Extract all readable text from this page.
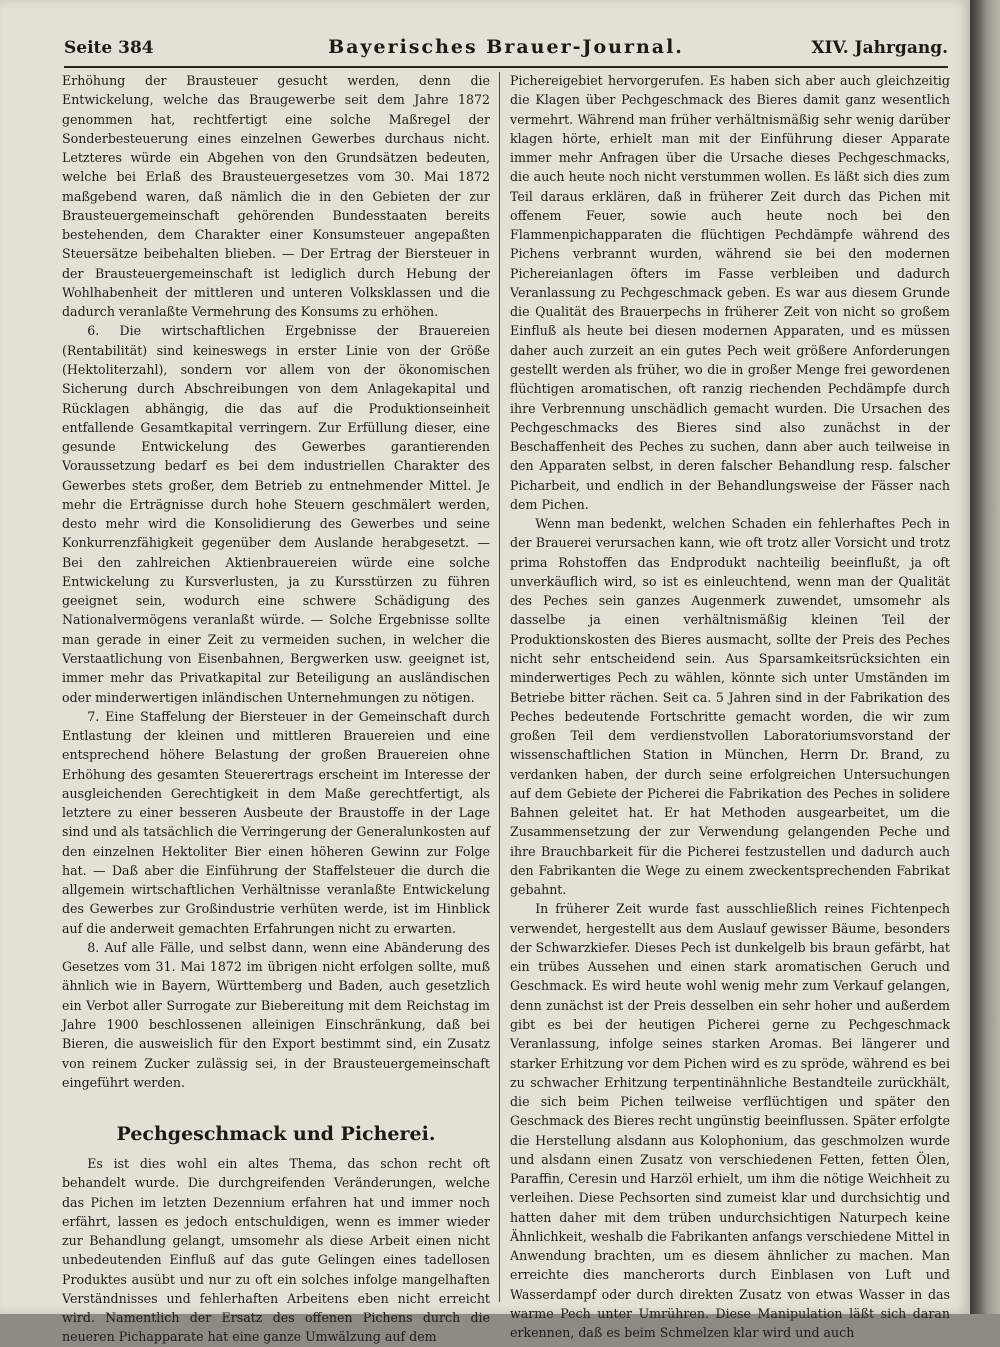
Seite 384	Bayerisches Brauer-Journal.	XIV. Jahrgang.

Erhöhung der Brausteuer gesucht werden, denn die Entwickelung, welche das Braugewerbe seit dem Jahre 1872 genommen hat, rechtfertigt eine solche Maßregel der Sonderbesteuerung eines einzelnen Gewerbes durchaus nicht. Letzteres würde ein Abgehen von den Grundsätzen bedeuten, welche bei Erlaß des Brausteuergesetzes vom 30. Mai 1872 maßgebend waren, daß nämlich die in den Gebieten der zur Brausteuergemeinschaft gehörenden Bundesstaaten bereits bestehenden, dem Charakter einer Konsumsteuer angepaßten Steuersätze beibehalten blieben. — Der Ertrag der Biersteuer in der Brausteuergemeinschaft ist lediglich durch Hebung der Wohlhabenheit der mittleren und unteren Volksklassen und die dadurch veranlaßte Vermehrung des Konsums zu erhöhen.

6. Die wirtschaftlichen Ergebnisse der Brauereien (Rentabilität) sind keineswegs in erster Linie von der Größe (Hektoliterzahl), sondern vor allem von der ökonomischen Sicherung durch Abschreibungen von dem Anlagekapital und Rücklagen abhängig, die das auf die Produktionseinheit entfallende Gesamtkapital verringern. Zur Erfüllung dieser, eine gesunde Entwickelung des Gewerbes garantierenden Voraussetzung bedarf es bei dem industriellen Charakter des Gewerbes stets großer, dem Betrieb zu entnehmender Mittel. Je mehr die Erträgnisse durch hohe Steuern geschmälert werden, desto mehr wird die Konsolidierung des Gewerbes und seine Konkurrenzfähigkeit gegenüber dem Auslande herabgesetzt. — Bei den zahlreichen Aktienbrauereien würde eine solche Entwickelung zu Kursverlusten, ja zu Kursstürzen zu führen geeignet sein, wodurch eine schwere Schädigung des Nationalvermögens veranlaßt würde. — Solche Ergebnisse sollte man gerade in einer Zeit zu vermeiden suchen, in welcher die Verstaatlichung von Eisenbahnen, Bergwerken usw. geeignet ist, immer mehr das Privatkapital zur Beteiligung an ausländischen oder minderwertigen inländischen Unternehmungen zu nötigen.

7. Eine Staffelung der Biersteuer in der Gemeinschaft durch Entlastung der kleinen und mittleren Brauereien und eine entsprechend höhere Belastung der großen Brauereien ohne Erhöhung des gesamten Steuerertrags erscheint im Interesse der ausgleichenden Gerechtigkeit in dem Maße gerechtfertigt, als letztere zu einer besseren Ausbeute der Braustoffe in der Lage sind und als tatsächlich die Verringerung der Generalunkosten auf den einzelnen Hektoliter Bier einen höheren Gewinn zur Folge hat. — Daß aber die Einführung der Staffelsteuer die durch die allgemein wirtschaftlichen Verhältnisse veranlaßte Entwickelung des Gewerbes zur Großindustrie verhüten werde, ist im Hinblick auf die anderweit gemachten Erfahrungen nicht zu erwarten.

8. Auf alle Fälle, und selbst dann, wenn eine Abänderung des Gesetzes vom 31. Mai 1872 im übrigen nicht erfolgen sollte, muß ähnlich wie in Bayern, Württemberg und Baden, auch gesetzlich ein Verbot aller Surrogate zur Biebereitung mit dem Reichstag im Jahre 1900 beschlossenen alleinigen Einschränkung, daß bei Bieren, die ausweislich für den Export bestimmt sind, ein Zusatz von reinem Zucker zulässig sei, in der Brausteuergemeinschaft eingeführt werden.

Pechgeschmack und Picherei.

Es ist dies wohl ein altes Thema, das schon recht oft behandelt wurde. Die durchgreifenden Veränderungen, welche das Pichen im letzten Dezennium erfahren hat und immer noch erfährt, lassen es jedoch entschuldigen, wenn es immer wieder zur Behandlung gelangt, umsomehr als diese Arbeit einen nicht unbedeutenden Einfluß auf das gute Gelingen eines tadellosen Produktes ausübt und nur zu oft ein solches infolge mangelhaften Verständnisses und fehlerhaften Arbeitens eben nicht erreicht wird. Namentlich der Ersatz des offenen Pichens durch die neueren Pichapparate hat eine ganze Umwälzung auf dem

Pichereigebiet hervorgerufen. Es haben sich aber auch gleichzeitig die Klagen über Pechgeschmack des Bieres damit ganz wesentlich vermehrt. Während man früher verhältnismäßig sehr wenig darüber klagen hörte, erhielt man mit der Einführung dieser Apparate immer mehr Anfragen über die Ursache dieses Pechgeschmacks, die auch heute noch nicht verstummen wollen. Es läßt sich dies zum Teil daraus erklären, daß in früherer Zeit durch das Pichen mit offenem Feuer, sowie auch heute noch bei den Flammenpichapparaten die flüchtigen Pechdämpfe während des Pichens verbrannt wurden, während sie bei den modernen Pichereianlagen öfters im Fasse verbleiben und dadurch Veranlassung zu Pechgeschmack geben. Es war aus diesem Grunde die Qualität des Brauerpechs in früherer Zeit von nicht so großem Einfluß als heute bei diesen modernen Apparaten, und es müssen daher auch zurzeit an ein gutes Pech weit größere Anforderungen gestellt werden als früher, wo die in großer Menge frei gewordenen flüchtigen aromatischen, oft ranzig riechenden Pechdämpfe durch ihre Verbrennung unschädlich gemacht wurden. Die Ursachen des Pechgeschmacks des Bieres sind also zunächst in der Beschaffenheit des Peches zu suchen, dann aber auch teilweise in den Apparaten selbst, in deren falscher Behandlung resp. falscher Picharbeit, und endlich in der Behandlungsweise der Fässer nach dem Pichen.

Wenn man bedenkt, welchen Schaden ein fehlerhaftes Pech in der Brauerei verursachen kann, wie oft trotz aller Vorsicht und trotz prima Rohstoffen das Endprodukt nachteilig beeinflußt, ja oft unverkäuflich wird, so ist es einleuchtend, wenn man der Qualität des Peches sein ganzes Augenmerk zuwendet, umsomehr als dasselbe ja einen verhältnismäßig kleinen Teil der Produktionskosten des Bieres ausmacht, sollte der Preis des Peches nicht sehr entscheidend sein. Aus Sparsamkeitsrücksichten ein minderwertiges Pech zu wählen, könnte sich unter Umständen im Betriebe bitter rächen. Seit ca. 5 Jahren sind in der Fabrikation des Peches bedeutende Fortschritte gemacht worden, die wir zum großen Teil dem verdienstvollen Laboratoriumsvorstand der wissenschaftlichen Station in München, Herrn Dr. Brand, zu verdanken haben, der durch seine erfolgreichen Untersuchungen auf dem Gebiete der Picherei die Fabrikation des Peches in solidere Bahnen geleitet hat. Er hat Methoden ausgearbeitet, um die Zusammensetzung der zur Verwendung gelangenden Peche und ihre Brauchbarkeit für die Picherei festzustellen und dadurch auch den Fabrikanten die Wege zu einem zweckentsprechenden Fabrikat gebahnt.

In früherer Zeit wurde fast ausschließlich reines Fichtenpech verwendet, hergestellt aus dem Auslauf gewisser Bäume, besonders der Schwarzkiefer. Dieses Pech ist dunkelgelb bis braun gefärbt, hat ein trübes Aussehen und einen stark aromatischen Geruch und Geschmack. Es wird heute wohl wenig mehr zum Verkauf gelangen, denn zunächst ist der Preis desselben ein sehr hoher und außerdem gibt es bei der heutigen Picherei gerne zu Pechgeschmack Veranlassung, infolge seines starken Aromas. Bei längerer und starker Erhitzung vor dem Pichen wird es zu spröde, während es bei zu schwacher Erhitzung terpentinähnliche Bestandteile zurückhält, die sich beim Pichen teilweise verflüchtigen und später den Geschmack des Bieres recht ungünstig beeinflussen. Später erfolgte die Herstellung alsdann aus Kolophonium, das geschmolzen wurde und alsdann einen Zusatz von verschiedenen Fetten, fetten Ölen, Paraffin, Ceresin und Harzöl erhielt, um ihm die nötige Weichheit zu verleihen. Diese Pechsorten sind zumeist klar und durchsichtig und hatten daher mit dem trüben undurchsichtigen Naturpech keine Ähnlichkeit, weshalb die Fabrikanten anfangs verschiedene Mittel in Anwendung brachten, um es diesem ähnlicher zu machen. Man erreichte dies mancherorts durch Einblasen von Luft und Wasserdampf oder durch direkten Zusatz von etwas Wasser in das warme Pech unter Umrühren. Diese Manipulation läßt sich daran erkennen, daß es beim Schmelzen klar wird und auch
